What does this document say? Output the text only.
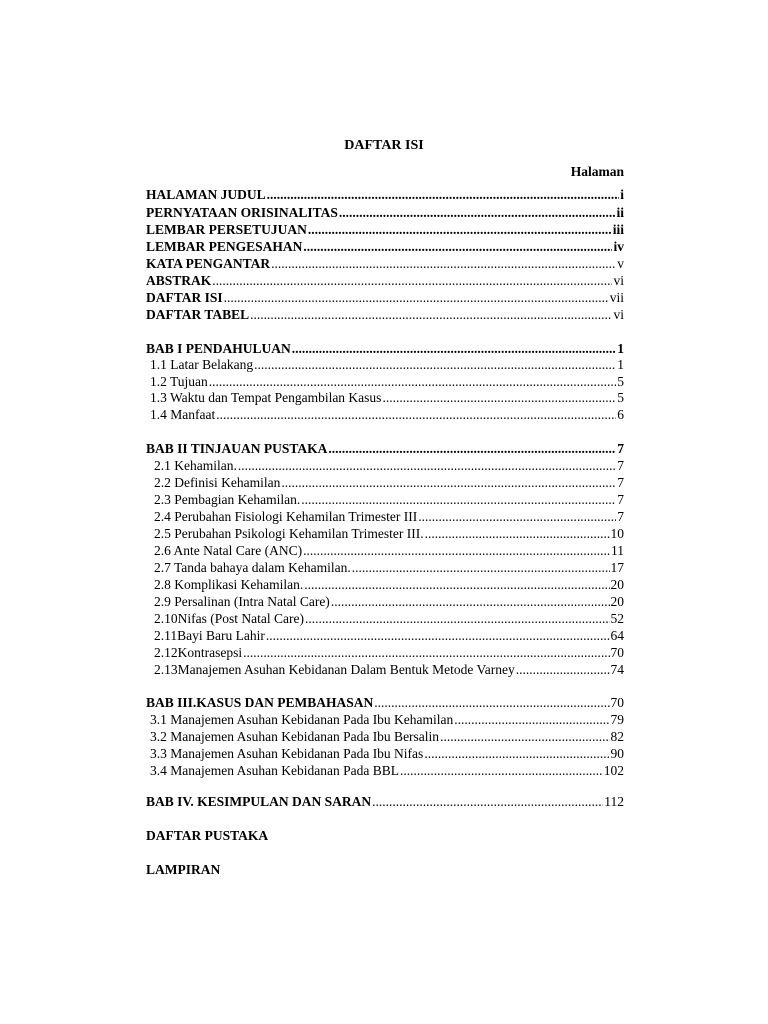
DAFTAR ISI
Halaman
HALAMAN JUDUL .....	i
PERNYATAAN ORISINALITAS .....	ii
LEMBAR PERSETUJUAN .....	iii
LEMBAR PENGESAHAN .....	iv
KATA PENGANTAR .....	v
ABSTRAK .....	vi
DAFTAR ISI .....	vii
DAFTAR TABEL .....	vi
BAB I PENDAHULUAN .....	1
1.1 Latar Belakang .....	1
1.2 Tujuan .....	5
1.3 Waktu dan Tempat Pengambilan Kasus .....	5
1.4 Manfaat .....	6
BAB II TINJAUAN PUSTAKA .....	7
2.1 Kehamilan. .....	7
2.2 Definisi Kehamilan .....	7
2.3 Pembagian Kehamilan. .....	7
2.4 Perubahan Fisiologi Kehamilan Trimester III .....	7
2.5 Perubahan Psikologi Kehamilan Trimester III. .....	10
2.6 Ante Natal Care (ANC) .....	11
2.7 Tanda bahaya dalam Kehamilan. .....	17
2.8 Komplikasi Kehamilan. .....	20
2.9 Persalinan (Intra Natal Care) .....	20
2.10Nifas (Post Natal Care) .....	52
2.11Bayi Baru Lahir .....	64
2.12Kontrasepsi .....	70
2.13Manajemen Asuhan Kebidanan Dalam Bentuk Metode Varney .....	74
BAB III.KASUS DAN PEMBAHASAN .....	70
3.1 Manajemen Asuhan Kebidanan Pada Ibu Kehamilan .....	79
3.2 Manajemen Asuhan Kebidanan Pada Ibu Bersalin .....	82
3.3 Manajemen Asuhan Kebidanan Pada Ibu Nifas .....	90
3.4 Manajemen Asuhan Kebidanan Pada BBL .....	102
BAB IV. KESIMPULAN DAN SARAN .....	112
DAFTAR PUSTAKA
LAMPIRAN
